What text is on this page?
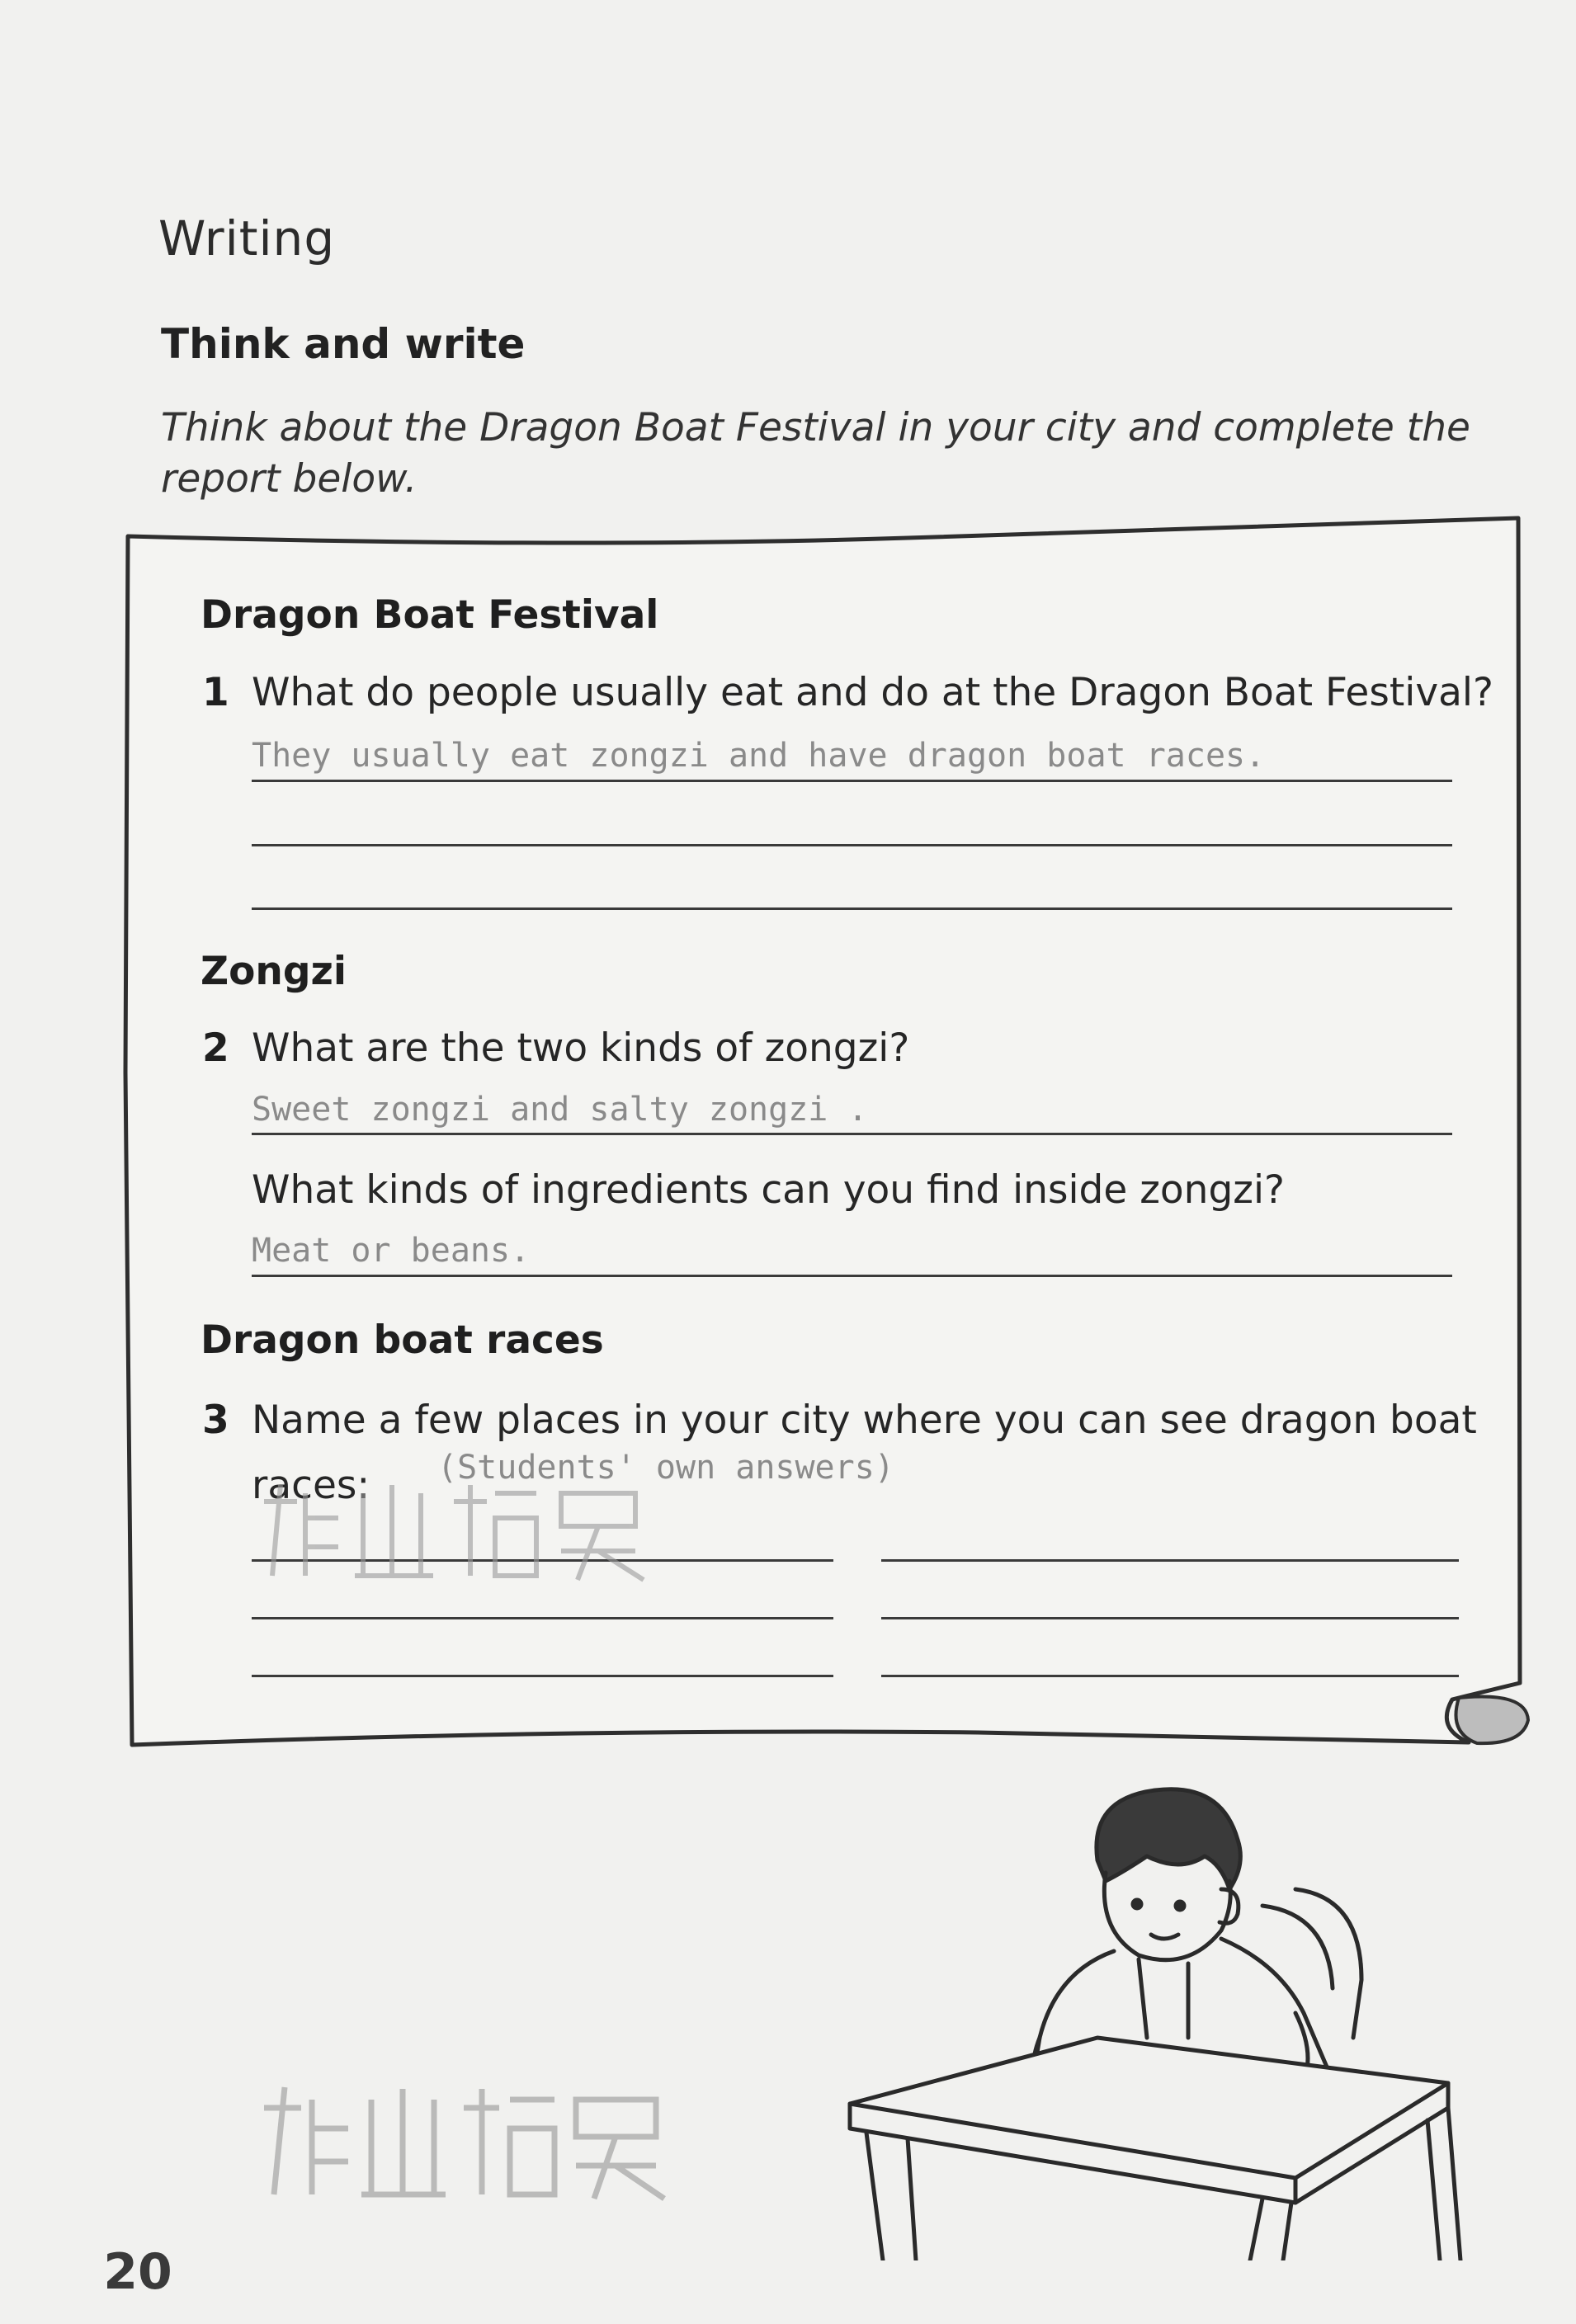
Writing
Think and write
Think about the Dragon Boat Festival in your city and complete the report below.
Dragon Boat Festival
1 What do people usually eat and do at the Dragon Boat Festival?
They usually eat zongzi and have dragon boat races.
Zongzi
2 What are the two kinds of zongzi?
Sweet zongzi and salty zongzi .
What kinds of ingredients can you find inside zongzi?
Meat or beans.
Dragon boat races
3 Name a few places in your city where you can see dragon boat
races: (Students' own answers)
20
